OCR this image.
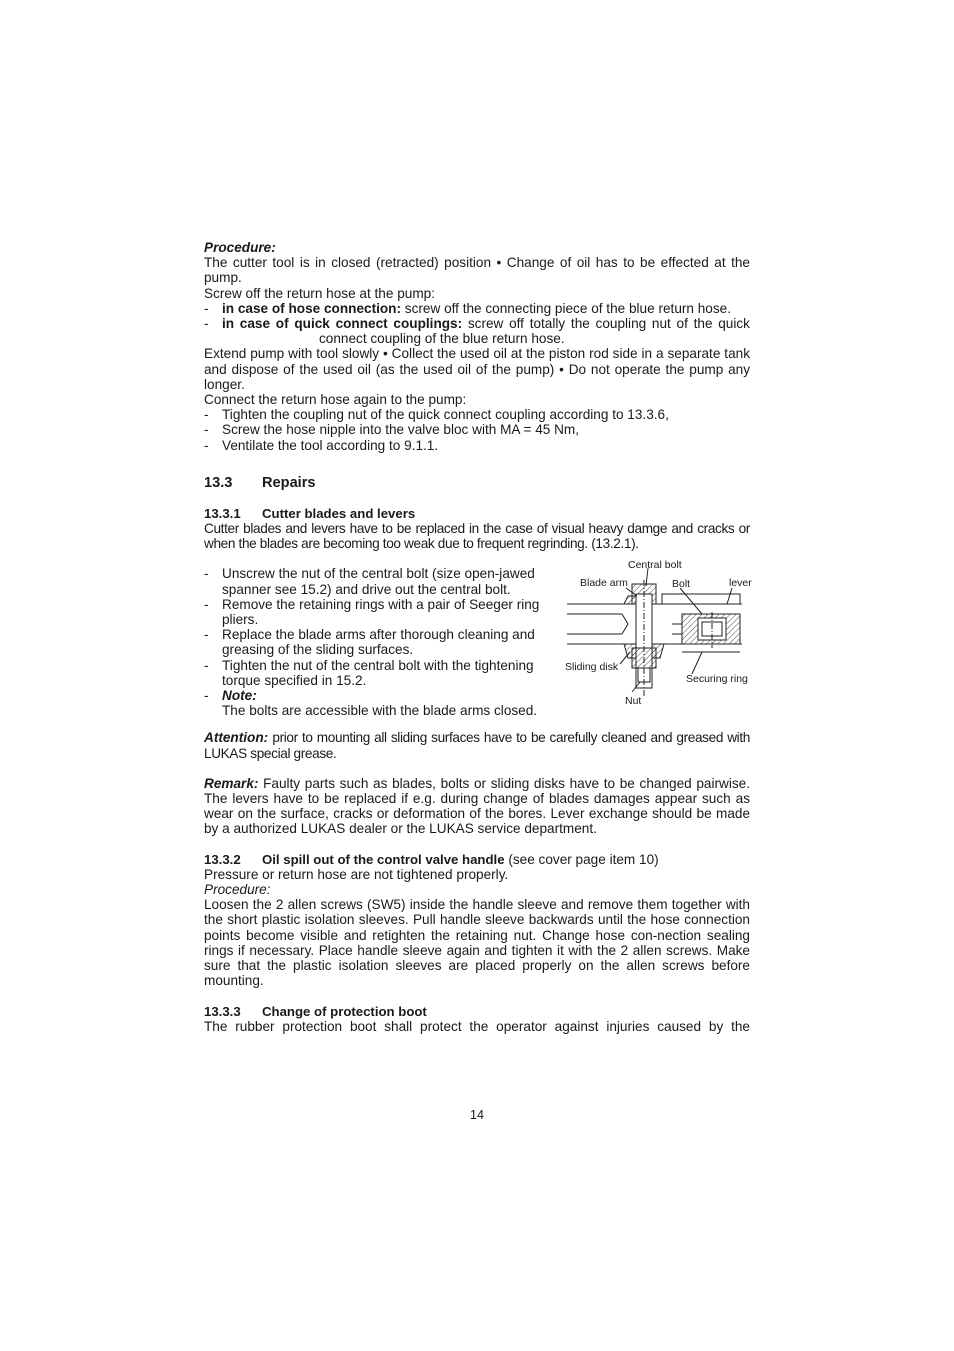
Procedure:

The cutter tool is in closed (retracted) position • Change of oil has to be effected at the pump.

Screw off the return hose at the pump:

- in case of hose connection: screw off the connecting piece of the blue return hose.
- in case of quick connect couplings: screw off totally the coupling nut of the quick

connect coupling of the blue return hose.

Extend pump with tool slowly • Collect the used oil at the piston rod side in a separate tank and dispose of the used oil (as the used oil of the pump) • Do not operate the pump any longer.

Connect the return hose again to the pump:

- Tighten the coupling nut of the quick connect coupling according to 13.3.6,
- Screw the hose nipple into the valve bloc with MA = 45 Nm,
- Ventilate the tool according to 9.1.1.

13.3 Repairs

13.3.1 Cutter blades and levers

Cutter blades and levers have to be replaced in the case of visual heavy damge and cracks or when the blades are becoming too weak due to frequent regrinding. (13.2.1).

- Unscrew the nut of the central bolt (size open-jawed spanner see 15.2) and drive out the central bolt.
- Remove the retaining rings with a pair of Seeger ring pliers.
- Replace the blade arms after thorough cleaning and greasing of the sliding surfaces.
- Tighten the nut of the central bolt with the tightening torque specified in 15.2.
- Note:

The bolts are accessible with the blade arms closed.

Central bolt
Blade arm	Bolt	lever
Sliding disk
Securing ring
Nut

Attention: prior to mounting all sliding surfaces have to be carefully cleaned and greased with LUKAS special grease.

Remark: Faulty parts such as blades, bolts or sliding disks have to be changed pairwise. The levers have to be replaced if e.g. during change of blades damages appear such as wear on the surface, cracks or deformation of the bores. Lever exchange should be made by a authorized LUKAS dealer or the LUKAS service department.

13.3.2 Oil spill out of the control valve handle (see cover page item 10)

Pressure or return hose are not tightened properly.

Procedure:

Loosen the 2 allen screws (SW5) inside the handle sleeve and remove them together with the short plastic isolation sleeves. Pull handle sleeve backwards until the hose connection points become visible and retighten the retaining nut. Change hose con-nection sealing rings if necessary. Place handle sleeve again and tighten it with the 2 allen screws. Make sure that the plastic isolation sleeves are placed properly on the allen screws before mounting.

13.3.3 Change of protection boot

The rubber protection boot shall protect the operator against injuries caused by the

14
